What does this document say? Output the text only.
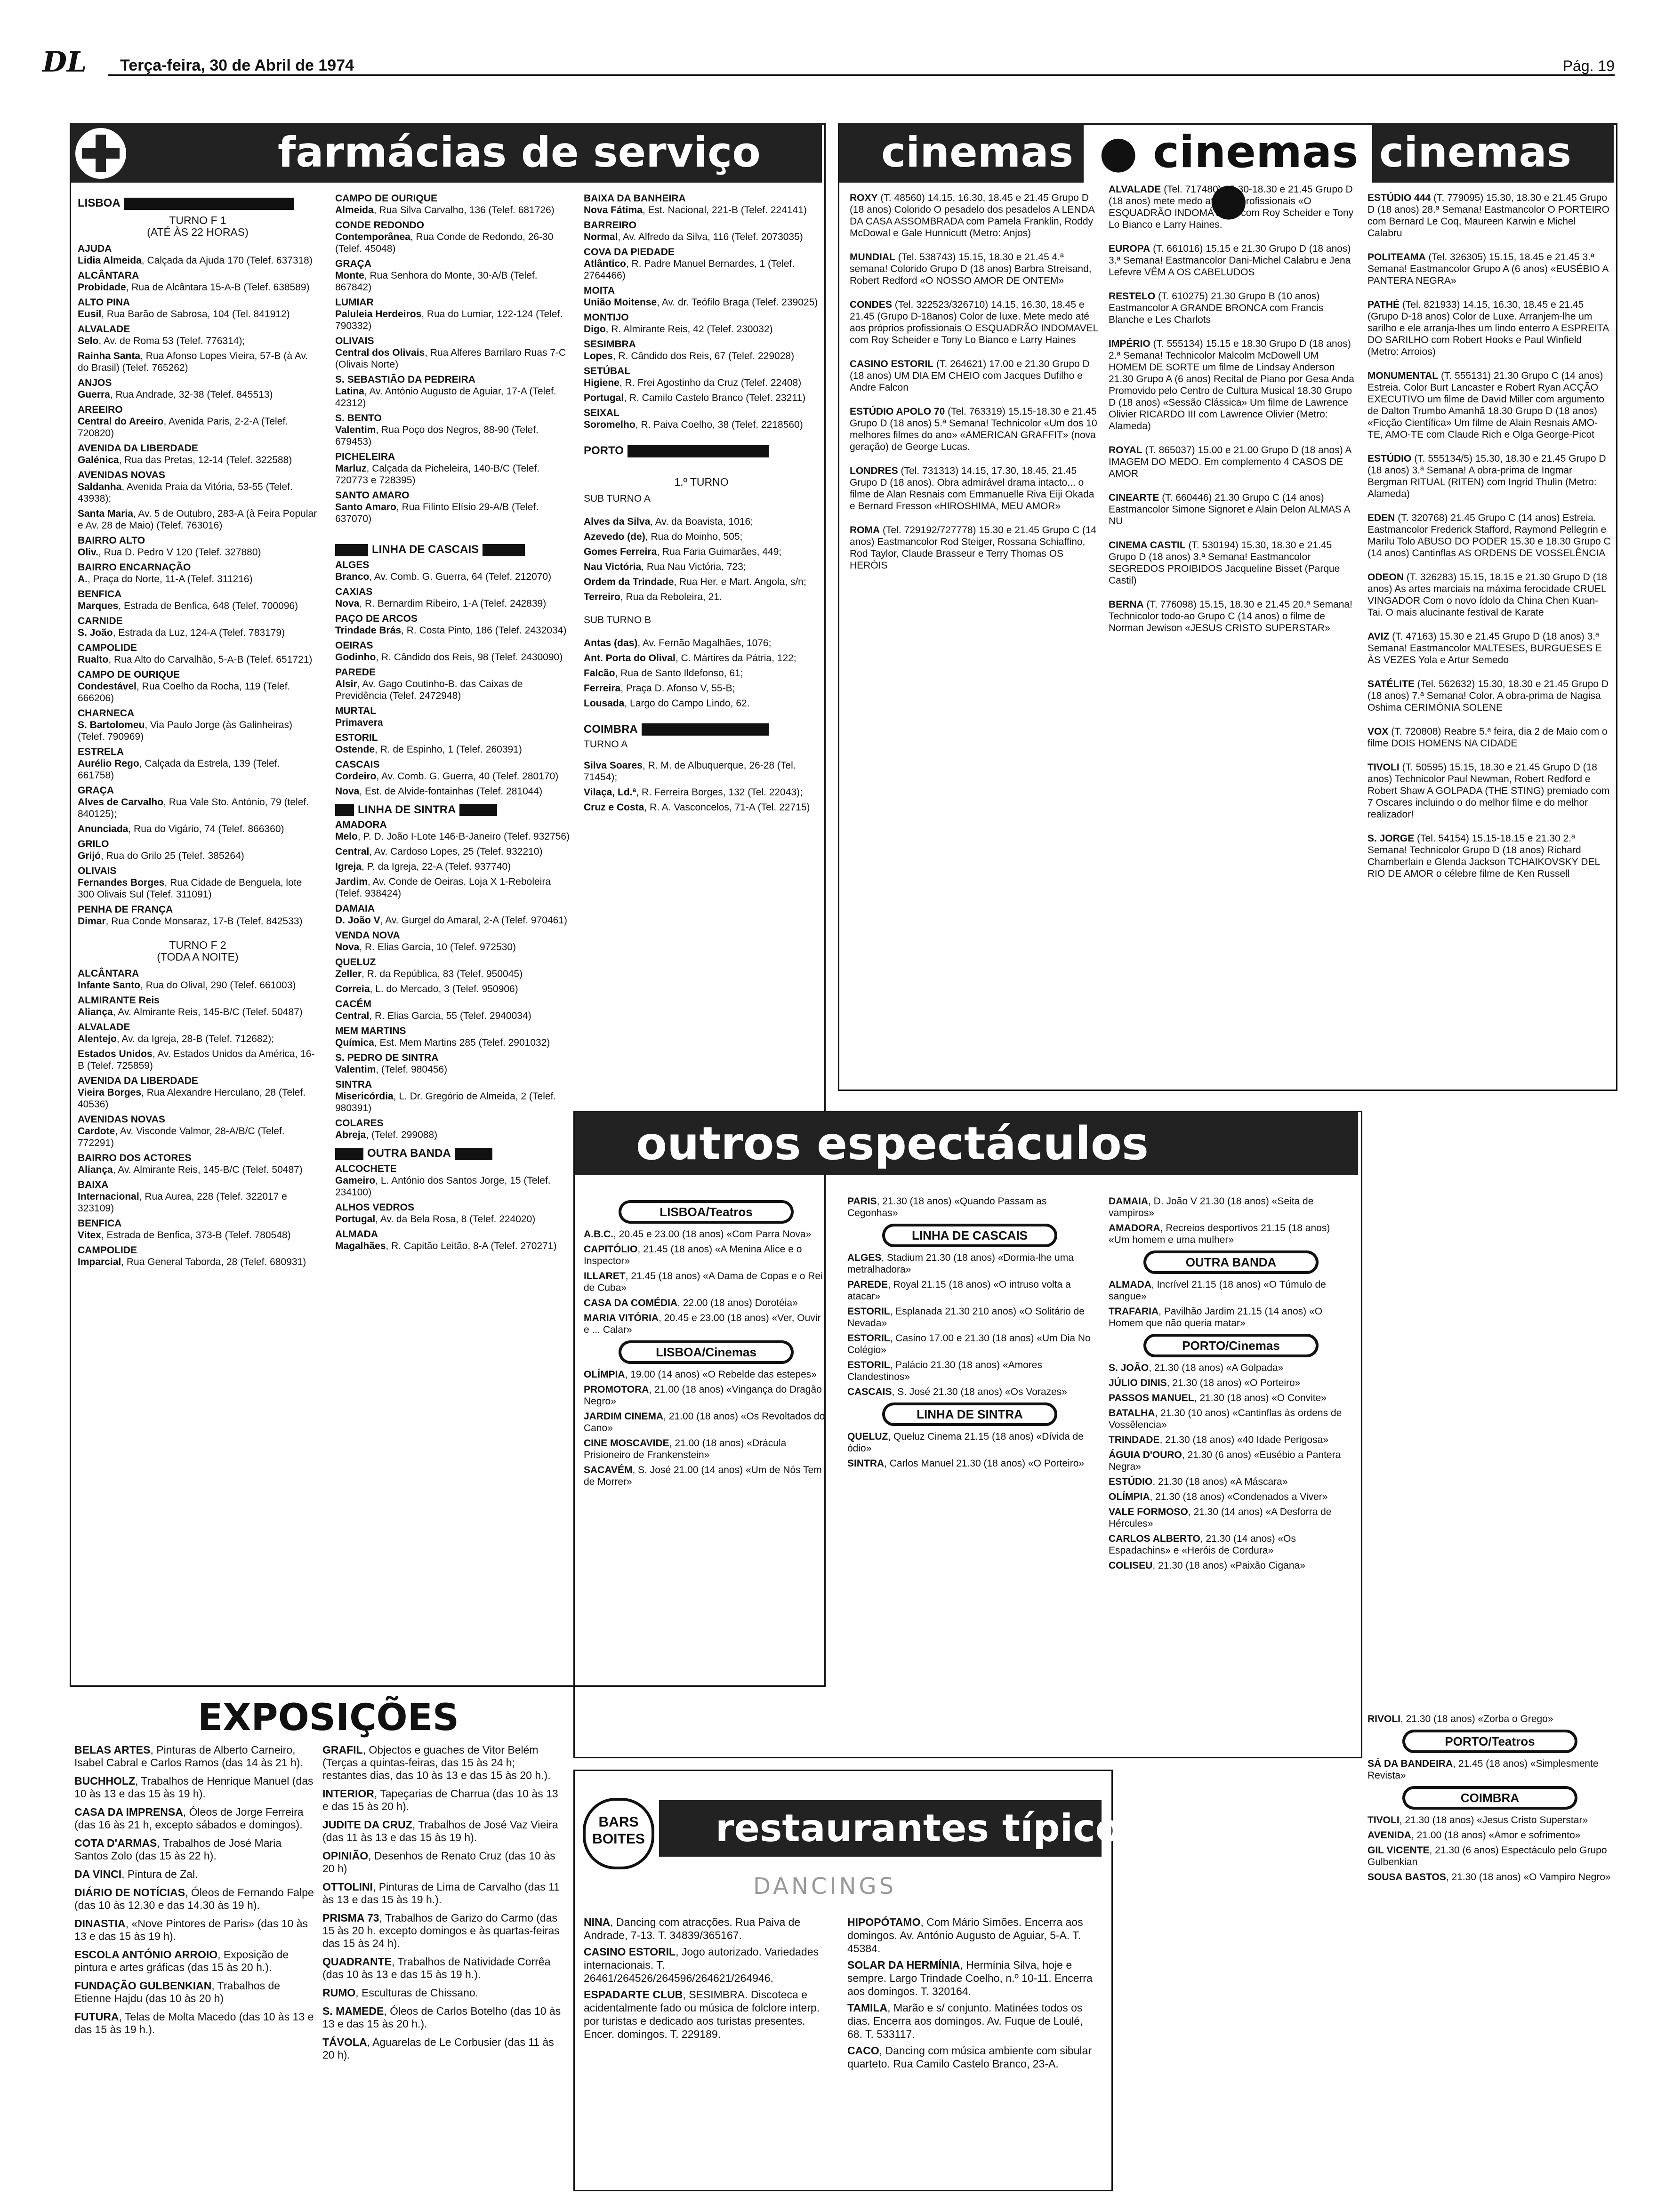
DL Terça-feira, 30 de Abril de 1974	Pág. 19
farmácias de serviço
LISBOA
TURNO F 1
(ATÉ ÀS 22 HORAS)
AJUDA
Lidia Almeida, Calçada da Ajuda 170 (Telef. 637318)
ALCÂNTARA
Probidade, Rua de Alcântara 15-A-B (Telef. 638589)
ALTO PINA
Eusil, Rua Barão de Sabrosa, 104 (Tel. 841912)
ALVALADE
Selo, Av. de Roma 53 (Telef. 776314);
Rainha Santa, Rua Afonso Lopes Vieira, 57-B (à Av. do Brasil) (Telef. 765262)
ANJOS
Guerra, Rua Andrade, 32-38 (Telef. 845513)
AREEIRO
Central do Areeiro, Avenida Paris, 2-2-A (Telef. 720820)
AVENIDA DA LIBERDADE
Galénica, Rua das Pretas, 12-14 (Telef. 322588)
AVENIDAS NOVAS
Saldanha, Avenida Praia da Vitória, 53-55 (Telef. 43938);
Santa Maria, Av. 5 de Outubro, 283-A (à Feira Popular e Av. 28 de Maio) (Telef. 763016)
BAIRRO ALTO
Oliv., Rua D. Pedro V 120 (Telef. 327880)
BAIRRO ENCARNAÇÃO
A., Praça do Norte, 11-A (Telef. 311216)
BENFICA
Marques, Estrada de Benfica, 648 (Telef. 700096)
CARNIDE
S. João, Estrada da Luz, 124-A (Telef. 783179)
CAMPOLIDE
Rualto, Rua Alto do Carvalhão, 5-A-B (Telef. 651721)
CAMPO DE OURIQUE
Condestável, Rua Coelho da Rocha, 119 (Telef. 666206)
CHARNECA
S. Bartolomeu, Via Paulo Jorge (às Galinheiras) (Telef. 790969)
ESTRELA
Aurélio Rego, Calçada da Estrela, 139 (Telef. 661758)
GRAÇA
Alves de Carvalho, Rua Vale Sto. António, 79 (telef. 840125);
Anunciada, Rua do Vigário, 74 (Telef. 866360)
GRILO
Grijó, Rua do Grilo 25 (Telef. 385264)
OLIVAIS
Fernandes Borges, Rua Cidade de Benguela, lote 300 Olivais Sul (Telef. 311091)
PENHA DE FRANÇA
Dimar, Rua Conde Monsaraz, 17-B (Telef. 842533)
TURNO F 2
(TODA A NOITE)
ALCÂNTARA
Infante Santo, Rua do Olival, 290 (Telef. 661003)
ALMIRANTE Reis
Aliança, Av. Almirante Reis, 145-B/C (Telef. 50487)
ALVALADE
Alentejo, Av. da Igreja, 28-B (Telef. 712682);
Estados Unidos, Av. Estados Unidos da América, 16-B (Telef. 725859)
AVENIDA DA LIBERDADE
Vieira Borges, Rua Alexandre Herculano, 28 (Telef. 40536)
AVENIDAS NOVAS
Cardote, Av. Visconde Valmor, 28-A/B/C (Telef. 772291)
BAIRRO DOS ACTORES
Aliança, Av. Almirante Reis, 145-B/C (Telef. 50487)
BAIXA
Internacional, Rua Aurea, 228 (Telef. 322017 e 323109)
BENFICA
Vitex, Estrada de Benfica, 373-B (Telef. 780548)
CAMPOLIDE
Imparcial, Rua General Taborda, 28 (Telef. 680931)
CAMPO DE OURIQUE
Almeida, Rua Silva Carvalho, 136 (Telef. 681726)
CONDE REDONDO
Contemporânea, Rua Conde de Redondo, 26-30 (Telef. 45048)
GRAÇA
Monte, Rua Senhora do Monte, 30-A/B (Telef. 867842)
LUMIAR
Paluleia Herdeiros, Rua do Lumiar, 122-124 (Telef. 790332)
OLIVAIS
Central dos Olivais, Rua Alferes Barrilaro Ruas 7-C (Olivais Norte)
S. SEBASTIÃO DA PEDREIRA
Latina, Av. António Augusto de Aguiar, 17-A (Telef. 42312)
S. BENTO
Valentim, Rua Poço dos Negros, 88-90 (Telef. 679453)
PICHELEIRA
Marluz, Calçada da Picheleira, 140-B/C (Telef. 720773 e 728395)
SANTO AMARO
Santo Amaro, Rua Filinto Elísio 29-A/B (Telef. 637070)
LINHA DE CASCAIS
ALGES
Branco, Av. Comb. G. Guerra, 64 (Telef. 212070)
CAXIAS
Nova, R. Bernardim Ribeiro, 1-A (Telef. 242839)
PAÇO DE ARCOS
Trindade Brás, R. Costa Pinto, 186 (Telef. 2432034)
OEIRAS
Godinho, R. Cândido dos Reis, 98 (Telef. 2430090)
PAREDE
Alsir, Av. Gago Coutinho-B. das Caixas de Previdência (Telef. 2472948)
MURTAL
Primavera
ESTORIL
Ostende, R. de Espinho, 1 (Telef. 260391)
CASCAIS
Cordeiro, Av. Comb. G. Guerra, 40 (Telef. 280170)
Nova, Est. de Alvide-fontainhas (Telef. 281044)
LINHA DE SINTRA
AMADORA
Melo, P. D. João I-Lote 146-B-Janeiro (Telef. 932756)
Central, Av. Cardoso Lopes, 25 (Telef. 932210)
Igreja, P. da Igreja, 22-A (Telef. 937740)
Jardim, Av. Conde de Oeiras. Loja X 1-Reboleira (Telef. 938424)
DAMAIA
D. João V, Av. Gurgel do Amaral, 2-A (Telef. 970461)
VENDA NOVA
Nova, R. Elias Garcia, 10 (Telef. 972530)
QUELUZ
Zeller, R. da República, 83 (Telef. 950045)
Correia, L. do Mercado, 3 (Telef. 950906)
CACÉM
Central, R. Elias Garcia, 55 (Telef. 2940034)
MEM MARTINS
Química, Est. Mem Martins 285 (Telef. 2901032)
S. PEDRO DE SINTRA
Valentim, (Telef. 980456)
SINTRA
Misericórdia, L. Dr. Gregório de Almeida, 2 (Telef. 980391)
COLARES
Abreja, (Telef. 299088)
OUTRA BANDA
ALCOCHETE
Gameiro, L. António dos Santos Jorge, 15 (Telef. 234100)
ALHOS VEDROS
Portugal, Av. da Bela Rosa, 8 (Telef. 224020)
ALMADA
Magalhães, R. Capitão Leitão, 8-A (Telef. 270271)
BAIXA DA BANHEIRA
Nova Fátima, Est. Nacional, 221-B (Telef. 224141)
BARREIRO
Normal, Av. Alfredo da Silva, 116 (Telef. 2073035)
COVA DA PIEDADE
Atlântico, R. Padre Manuel Bernardes, 1 (Telef. 2764466)
MOITA
União Moitense, Av. dr. Teófilo Braga (Telef. 239025)
MONTIJO
Digo, R. Almirante Reis, 42 (Telef. 230032)
SESIMBRA
Lopes, R. Cândido dos Reis, 67 (Telef. 229028)
SETÚBAL
Higiene, R. Frei Agostinho da Cruz (Telef. 22408)
Portugal, R. Camilo Castelo Branco (Telef. 23211)
SEIXAL
Soromelho, R. Paiva Coelho, 38 (Telef. 2218560)
PORTO
1.º TURNO
SUB TURNO A
Alves da Silva, Av. da Boavista, 1016;
Azevedo (de), Rua do Moinho, 505;
Gomes Ferreira, Rua Faria Guimarães, 449;
Nau Victória, Rua Nau Victória, 723;
Ordem da Trindade, Rua Her. e Mart. Angola, s/n;
Terreiro, Rua da Reboleira, 21.
SUB TURNO B
Antas (das), Av. Fernão Magalhães, 1076;
Ant. Porta do Olival, C. Mártires da Pátria, 122;
Falcão, Rua de Santo Ildefonso, 61;
Ferreira, Praça D. Afonso V, 55-B;
Lousada, Largo do Campo Lindo, 62.
COIMBRA
TURNO A
Silva Soares, R. M. de Albuquerque, 26-28 (Tel. 71454);
Vilaça, Ld.ª, R. Ferreira Borges, 132 (Tel. 22043);
Cruz e Costa, R. A. Vasconcelos, 71-A (Tel. 22715)
EXPOSIÇÕES
BELAS ARTES, Pinturas de Alberto Carneiro, Isabel Cabral e Carlos Ramos (das 14 às 21 h).
BUCHHOLZ, Trabalhos de Henrique Manuel (das 10 às 13 e das 15 às 19 h).
CASA DA IMPRENSA, Óleos de Jorge Ferreira (das 16 às 21 h, excepto sábados e domingos).
COTA D'ARMAS, Trabalhos de José Maria Santos Zolo (das 15 às 22 h).
DA VINCI, Pintura de Zal.
DIÁRIO DE NOTÍCIAS, Óleos de Fernando Falpe (das 10 às 12.30 e das 14.30 às 19 h).
DINASTIA, «Nove Pintores de Paris» (das 10 às 13 e das 15 às 19 h).
ESCOLA ANTÓNIO ARROIO, Exposição de pintura e artes gráficas (das 15 às 20 h.).
FUNDAÇÃO GULBENKIAN, Trabalhos de Etienne Hajdu (das 10 às 20 h)
FUTURA, Telas de Molta Macedo (das 10 às 13 e das 15 às 19 h.).
GRAFIL, Objectos e guaches de Vitor Belém (Terças a quintas-feiras, das 15 às 24 h; restantes dias, das 10 às 13 e das 15 às 20 h.).
INTERIOR, Tapeçarias de Charrua (das 10 às 13 e das 15 às 20 h).
JUDITE DA CRUZ, Trabalhos de José Vaz Vieira (das 11 às 13 e das 15 às 19 h).
OPINIÃO, Desenhos de Renato Cruz (das 10 às 20 h)
OTTOLINI, Pinturas de Lima de Carvalho (das 11 às 13 e das 15 às 19 h.).
PRISMA 73, Trabalhos de Garizo do Carmo (das 15 às 20 h. excepto domingos e às quartas-feiras das 15 às 24 h).
QUADRANTE, Trabalhos de Natividade Corrêa (das 10 às 13 e das 15 às 19 h.).
RUMO, Esculturas de Chissano.
S. MAMEDE, Óleos de Carlos Botelho (das 10 às 13 e das 15 às 20 h.).
TÁVOLA, Aguarelas de Le Corbusier (das 11 às 20 h).
cinemas ● cinemas ●
cinemas
ROXY (T. 48560) 14.15, 16.30, 18.45 e 21.45 Grupo D (18 anos) Colorido O pesadelo dos pesadelos A LENDA DA CASA ASSOMBRADA com Pamela Franklin, Roddy McDowal e Gale Hunnicutt (Metro: Anjos)
MUNDIAL (Tel. 538743) 15.15, 18.30 e 21.45 4.ª semana! Colorido Grupo D (18 anos) Barbra Streisand, Robert Redford «O NOSSO AMOR DE ONTEM»
CONDES (Tel. 322523/326710) 14.15, 16.30, 18.45 e 21.45 (Grupo D-18anos) Color de luxe. Mete medo até aos próprios profissionais O ESQUADRÃO INDOMAVEL com Roy Scheider e Tony Lo Bianco e Larry Haines
CASINO ESTORIL (T. 264621) 17.00 e 21.30 Grupo D (18 anos) UM DIA EM CHEIO com Jacques Dufilho e Andre Falcon
ESTÚDIO APOLO 70 (Tel. 763319) 15.15-18.30 e 21.45 Grupo D (18 anos) 5.ª Semana! Technicolor «Um dos 10 melhores filmes do ano» «AMERICAN GRAFFIT» (nova geração) de George Lucas.
LONDRES (Tel. 731313) 14.15, 17.30, 18.45, 21.45 Grupo D (18 anos). Obra admirável drama intacto... o filme de Alan Resnais com Emmanuelle Riva Eiji Okada e Bernard Fresson «HIROSHIMA, MEU AMOR»
ROMA (Tel. 729192/727778) 15.30 e 21.45 Grupo C (14 anos) Eastmancolor Rod Steiger, Rossana Schiaffino, Rod Taylor, Claude Brasseur e Terry Thomas OS HERÓIS
ALVALADE (Tel. 717480) 15.30-18.30 e 21.45 Grupo D (18 anos) mete medo até aos profissionais «O ESQUADRÃO INDOMÁVEL» com Roy Scheider e Tony Lo Bianco e Larry Haines.
EUROPA (T. 661016) 15.15 e 21.30 Grupo D (18 anos) 3.ª Semana! Eastmancolor Dani-Michel Calabru e Jena Lefevre VÊM A OS CABELUDOS
RESTELO (T. 610275) 21.30 Grupo B (10 anos) Eastmancolor A GRANDE BRONCA com Francis Blanche e Les Charlots
IMPÉRIO (T. 555134) 15.15 e 18.30 Grupo D (18 anos) 2.ª Semana! Technicolor Malcolm McDowell UM HOMEM DE SORTE um filme de Lindsay Anderson 21.30 Grupo A (6 anos) Recital de Piano por Gesa Anda Promovido pelo Centro de Cultura Musical 18.30 Grupo D (18 anos) «Sessão Clássica» Um filme de Lawrence Olivier RICARDO III com Lawrence Olivier (Metro: Alameda)
ROYAL (T. 865037) 15.00 e 21.00 Grupo D (18 anos) A IMAGEM DO MEDO. Em complemento 4 CASOS DE AMOR
CINEARTE (T. 660446) 21.30 Grupo C (14 anos) Eastmancolor Simone Signoret e Alain Delon ALMAS A NU
CINEMA CASTIL (T. 530194) 15.30, 18.30 e 21.45 Grupo D (18 anos) 3.ª Semana! Eastmancolor SEGREDOS PROIBIDOS Jacqueline Bisset (Parque Castil)
BERNA (T. 776098) 15.15, 18.30 e 21.45 20.ª Semana! Technicolor todo-ao Grupo C (14 anos) o filme de Norman Jewison «JESUS CRISTO SUPERSTAR»
ESTÚDIO 444 (T. 779095) 15.30, 18.30 e 21.45 Grupo D (18 anos) 28.ª Semana! Eastmancolor O PORTEIRO com Bernard Le Coq, Maureen Karwin e Michel Calabru
POLITEAMA (Tel. 326305) 15.15, 18.45 e 21.45 3.ª Semana! Eastmancolor Grupo A (6 anos) «EUSÉBIO A PANTERA NEGRA»
PATHÉ (Tel. 821933) 14.15, 16.30, 18.45 e 21.45 (Grupo D-18 anos) Color de Luxe. Arranjem-lhe um sarilho e ele arranja-lhes um lindo enterro A ESPREITA DO SARILHO com Robert Hooks e Paul Winfield (Metro: Arroios)
MONUMENTAL (T. 555131) 21.30 Grupo C (14 anos) Estreia. Color Burt Lancaster e Robert Ryan ACÇÃO EXECUTIVO um filme de David Miller com argumento de Dalton Trumbo Amanhã 18.30 Grupo D (18 anos) «Ficção Científica» Um filme de Alain Resnais AMO-TE, AMO-TE com Claude Rich e Olga George-Picot
ESTÚDIO (T. 555134/5) 15.30, 18.30 e 21.45 Grupo D (18 anos) 3.ª Semana! A obra-prima de Ingmar Bergman RITUAL (RITEN) com Ingrid Thulin (Metro: Alameda)
EDEN (T. 320768) 21.45 Grupo C (14 anos) Estreia. Eastmancolor Frederick Stafford, Raymond Pellegrin e Marilu Tolo ABUSO DO PODER 15.30 e 18.30 Grupo C (14 anos) Cantinflas AS ORDENS DE VOSSELÊNCIA
ODEON (T. 326283) 15.15, 18.15 e 21.30 Grupo D (18 anos) As artes marciais na máxima ferocidade CRUEL VINGADOR Com o novo ídolo da China Chen Kuan-Tai. O mais alucinante festival de Karate
AVIZ (T. 47163) 15.30 e 21.45 Grupo D (18 anos) 3.ª Semana! Eastmancolor MALTESES, BURGUESES E ÀS VEZES Yola e Artur Semedo
SATÉLITE (Tel. 562632) 15.30, 18.30 e 21.45 Grupo D (18 anos) 7.ª Semana! Color. A obra-prima de Nagisa Oshima CERIMÓNIA SOLENE
VOX (T. 720808) Reabre 5.ª feira, dia 2 de Maio com o filme DOIS HOMENS NA CIDADE
TIVOLI (T. 50595) 15.15, 18.30 e 21.45 Grupo D (18 anos) Technicolor Paul Newman, Robert Redford e Robert Shaw A GOLPADA (THE STING) premiado com 7 Oscares incluindo o do melhor filme e do melhor realizador!
S. JORGE (Tel. 54154) 15.15-18.15 e 21.30 2.ª Semana! Technicolor Grupo D (18 anos) Richard Chamberlain e Glenda Jackson TCHAIKOVSKY DEL RIO DE AMOR o célebre filme de Ken Russell
outros espectáculos
LISBOA/Teatros
A.B.C., 20.45 e 23.00 (18 anos) «Com Parra Nova»
CAPITÓLIO, 21.45 (18 anos) «A Menina Alice e o Inspector»
ILLARET, 21.45 (18 anos) «A Dama de Copas e o Rei de Cuba»
CASA DA COMÉDIA, 22.00 (18 anos) Dorotéia»
MARIA VITÓRIA, 20.45 e 23.00 (18 anos) «Ver, Ouvir e ... Calar»
LISBOA/Cinemas
OLÍMPIA, 19.00 (14 anos) «O Rebelde das estepes»
PROMOTORA, 21.00 (18 anos) «Vingança do Dragão Negro»
JARDIM CINEMA, 21.00 (18 anos) «Os Revoltados do Cano»
CINE MOSCAVIDE, 21.00 (18 anos) «Drácula Prisioneiro de Frankenstein»
SACAVÉM, S. José 21.00 (14 anos) «Um de Nós Tem de Morrer»
PARIS, 21.30 (18 anos) «Quando Passam as Cegonhas»
LINHA DE CASCAIS
ALGES, Stadium 21.30 (18 anos) «Dormia-lhe uma metralhadora»
PAREDE, Royal 21.15 (18 anos) «O intruso volta a atacar»
ESTORIL, Esplanada 21.30 210 anos) «O Solitário de Nevada»
ESTORIL, Casino 17.00 e 21.30 (18 anos) «Um Dia No Colégio»
ESTORIL, Palácio 21.30 (18 anos) «Amores Clandestinos»
CASCAIS, S. José 21.30 (18 anos) «Os Vorazes»
LINHA DE SINTRA
QUELUZ, Queluz Cinema 21.15 (18 anos) «Dívida de ódio»
SINTRA, Carlos Manuel 21.30 (18 anos) «O Porteiro»
DAMAIA, D. João V 21.30 (18 anos) «Seita de vampiros»
AMADORA, Recreios desportivos 21.15 (18 anos) «Um homem e uma mulher»
OUTRA BANDA
ALMADA, Incrível 21.15 (18 anos) «O Túmulo de sangue»
TRAFARIA, Pavilhão Jardim 21.15 (14 anos) «O Homem que não queria matar»
PORTO/Cinemas
S. JOÃO, 21.30 (18 anos) «A Golpada»
JÚLIO DINIS, 21.30 (18 anos) «O Porteiro»
PASSOS MANUEL, 21.30 (18 anos) «O Convite»
BATALHA, 21.30 (10 anos) «Cantinflas às ordens de Vossêlencia»
TRINDADE, 21.30 (18 anos) «40 Idade Perigosa»
ÁGUIA D'OURO, 21.30 (6 anos) «Eusébio a Pantera Negra»
ESTÚDIO, 21.30 (18 anos) «A Máscara»
OLÍMPIA, 21.30 (18 anos) «Condenados a Viver»
VALE FORMOSO, 21.30 (14 anos) «A Desforra de Hércules»
CARLOS ALBERTO, 21.30 (14 anos) «Os Espadachins» e «Heróis de Cordura»
COLISEU, 21.30 (18 anos) «Paixão Cigana»
RIVOLI, 21.30 (18 anos) «Zorba o Grego»
PORTO/Teatros
SÁ DA BANDEIRA, 21.45 (18 anos) «Simplesmente Revista»
COIMBRA
TIVOLI, 21.30 (18 anos) «Jesus Cristo Superstar»
AVENIDA, 21.00 (18 anos) «Amor e sofrimento»
GIL VICENTE, 21.30 (6 anos) Espectáculo pelo Grupo Gulbenkian
SOUSA BASTOS, 21.30 (18 anos) «O Vampiro Negro»
BARS
BOITES restaurantes típicos
DANCINGS
NINA, Dancing com atracções. Rua Paiva de Andrade, 7-13. T. 34839/365167.
CASINO ESTORIL, Jogo autorizado. Variedades internacionais. T. 26461/264526/264596/264621/264946.
ESPADARTE CLUB, SESIMBRA. Discoteca e acidentalmente fado ou música de folclore interp. por turistas e dedicado aos turistas presentes. Encer. domingos. T. 229189.
HIPOPÓTAMO, Com Mário Simões. Encerra aos domingos. Av. António Augusto de Aguiar, 5-A. T. 45384.
SOLAR DA HERMÍNIA, Hermínia Silva, hoje e sempre. Largo Trindade Coelho, n.º 10-11. Encerra aos domingos. T. 320164.
TAMILA, Marão e s/ conjunto. Matinées todos os dias. Encerra aos domingos. Av. Fuque de Loulé, 68. T. 533117.
CACO, Dancing com música ambiente com sibular quarteto. Rua Camilo Castelo Branco, 23-A.
